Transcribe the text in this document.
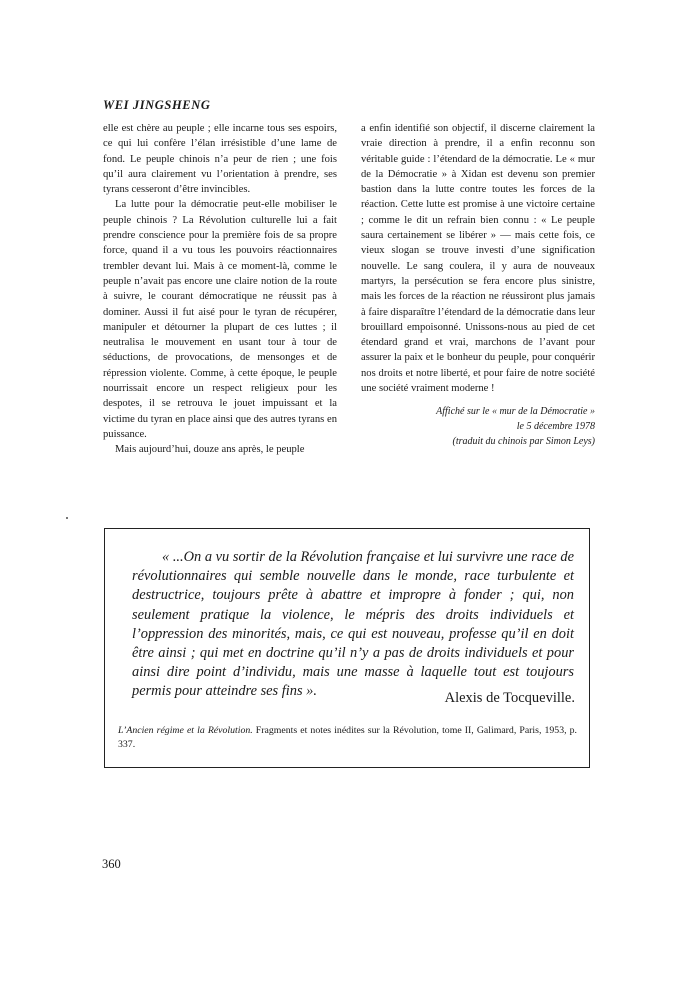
WEI JINGSHENG

elle est chère au peuple ; elle incarne tous ses espoirs, ce qui lui confère l’élan irrésistible d’une lame de fond. Le peuple chinois n’a peur de rien ; une fois qu’il aura clairement vu l’orientation à prendre, ses tyrans cesseront d’être invincibles.

La lutte pour la démocratie peut-elle mobiliser le peuple chinois ? La Révolution culturelle lui a fait prendre conscience pour la première fois de sa propre force, quand il a vu tous les pouvoirs réactionnaires trembler devant lui. Mais à ce moment-là, comme le peuple n’avait pas encore une claire notion de la route à suivre, le courant démocratique ne réussit pas à dominer. Aussi il fut aisé pour le tyran de récupérer, manipuler et détourner la plupart de ces luttes ; il neutralisa le mouvement en usant tour à tour de séductions, de provocations, de mensonges et de répression violente. Comme, à cette époque, le peuple nourrissait encore un respect religieux pour les despotes, il se retrouva le jouet impuissant et la victime du tyran en place ainsi que des autres tyrans en puissance.

Mais aujourd’hui, douze ans après, le peuple

a enfin identifié son objectif, il discerne clairement la vraie direction à prendre, il a enfin reconnu son véritable guide : l’étendard de la démocratie. Le « mur de la Démocratie » à Xidan est devenu son premier bastion dans la lutte contre toutes les forces de la réaction. Cette lutte est promise à une victoire certaine ; comme le dit un refrain bien connu : « Le peuple saura certainement se libérer » — mais cette fois, ce vieux slogan se trouve investi d’une signification nouvelle. Le sang coulera, il y aura de nouveaux martyrs, la persécution se fera encore plus sinistre, mais les forces de la réaction ne réussiront plus jamais à faire disparaître l’étendard de la démocratie dans leur brouillard empoisonné. Unissons-nous au pied de cet étendard grand et vrai, marchons de l’avant pour assurer la paix et le bonheur du peuple, pour conquérir nos droits et notre liberté, et pour faire de notre société une société vraiment moderne !

Affiché sur le « mur de la Démocratie »
le 5 décembre 1978
(traduit du chinois par Simon Leys)

« ...On a vu sortir de la Révolution française et lui survivre une race de révolutionnaires qui semble nouvelle dans le monde, race turbulente et destructrice, toujours prête à abattre et impropre à fonder ; qui, non seulement pratique la violence, le mépris des droits individuels et l’oppression des minorités, mais, ce qui est nouveau, professe qu’il en doit être ainsi ; qui met en doctrine qu’il n’y a pas de droits individuels et pour ainsi dire point d’individu, mais une masse à laquelle tout est toujours permis pour atteindre ses fins ».	Alexis de Tocqueville.

L’Ancien régime et la Révolution. Fragments et notes inédites sur la Révolution, tome II, Galimard, Paris, 1953, p. 337.

360
